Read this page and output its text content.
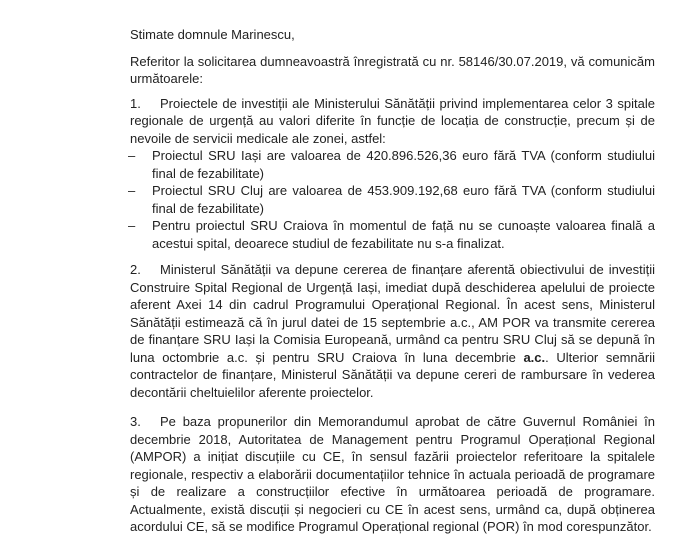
Stimate domnule Marinescu,

Referitor la solicitarea dumneavoastră înregistrată cu nr. 58146/30.07.2019, vă comunicăm următoarele:

1. Proiectele de investiții ale Ministerului Sănătății privind implementarea celor 3 spitale regionale de urgență au valori diferite în funcție de locația de construcție, precum și de nevoile de servicii medicale ale zonei, astfel:

–	Proiectul SRU Iași are valoarea de 420.896.526,36 euro fără TVA (conform studiului final de fezabilitate)
–	Proiectul SRU Cluj are valoarea de 453.909.192,68 euro fără TVA (conform studiului final de fezabilitate)
–	Pentru proiectul SRU Craiova în momentul de față nu se cunoaște valoarea finală a acestui spital, deoarece studiul de fezabilitate nu s-a finalizat.

2. Ministerul Sănătății va depune cererea de finanțare aferentă obiectivului de investiții Construire Spital Regional de Urgență Iași, imediat după deschiderea apelului de proiecte aferent Axei 14 din cadrul Programului Operațional Regional. În acest sens, Ministerul Sănătății estimează că în jurul datei de 15 septembrie a.c., AM POR va transmite cererea de finanțare SRU Iași la Comisia Europeană, urmând ca pentru SRU Cluj să se depună în luna octombrie a.c. și pentru SRU Craiova în luna decembrie a.c.. Ulterior semnării contractelor de finanțare, Ministerul Sănătății va depune cereri de rambursare în vederea decontării cheltuielilor aferente proiectelor.

3. Pe baza propunerilor din Memorandumul aprobat de către Guvernul României în decembrie 2018, Autoritatea de Management pentru Programul Operațional Regional (AMPOR) a inițiat discuțiile cu CE, în sensul fazării proiectelor referitoare la spitalele regionale, respectiv a elaborării documentațiilor tehnice în actuala perioadă de programare și de realizare a construcțiilor efective în următoarea perioadă de programare. Actualmente, există discuții și negocieri cu CE în acest sens, urmând ca, după obținerea acordului CE, să se modifice Programul Operațional regional (POR) în mod corespunzător.
